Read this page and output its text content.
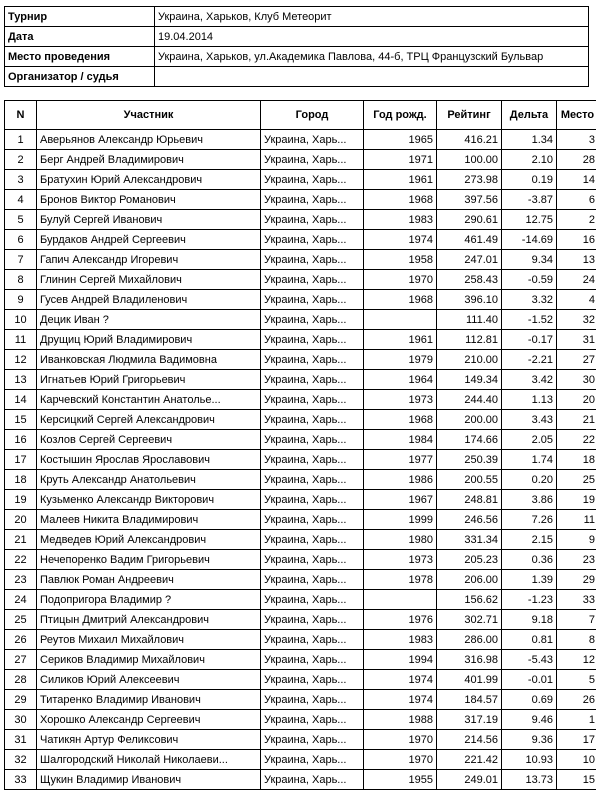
Турнир	Украина, Харьков, Клуб Метеорит
Дата	19.04.2014
Место проведения	Украина, Харьков, ул.Академика Павлова, 44-б, ТРЦ Французский Бульвар
Организатор / судья	
N	Участник	Город	Год рожд.	Рейтинг	Дельта	Место
1	Аверьянов Александр Юрьевич	Украина, Харь...	1965	416.21	1.34	3
2	Берг Андрей Владимирович	Украина, Харь...	1971	100.00	2.10	28
3	Братухин Юрий Александрович	Украина, Харь...	1961	273.98	0.19	14
4	Бронов Виктор Романович	Украина, Харь...	1968	397.56	-3.87	6
5	Булуй Сергей Иванович	Украина, Харь...	1983	290.61	12.75	2
6	Бурдаков Андрей Сергеевич	Украина, Харь...	1974	461.49	-14.69	16
7	Гапич Александр Игоревич	Украина, Харь...	1958	247.01	9.34	13
8	Глинин Сергей Михайлович	Украина, Харь...	1970	258.43	-0.59	24
9	Гусев Андрей Владиленович	Украина, Харь...	1968	396.10	3.32	4
10	Децик Иван ?	Украина, Харь...		111.40	-1.52	32
11	Друщиц Юрий Владимирович	Украина, Харь...	1961	112.81	-0.17	31
12	Иванковская Людмила Вадимовна	Украина, Харь...	1979	210.00	-2.21	27
13	Игнатьев Юрий Григорьевич	Украина, Харь...	1964	149.34	3.42	30
14	Карчевский Константин Анатолье...	Украина, Харь...	1973	244.40	1.13	20
15	Керсицкий Сергей Александрович	Украина, Харь...	1968	200.00	3.43	21
16	Козлов Сергей Сергеевич	Украина, Харь...	1984	174.66	2.05	22
17	Костышин Ярослав Ярославович	Украина, Харь...	1977	250.39	1.74	18
18	Круть Александр Анатольевич	Украина, Харь...	1986	200.55	0.20	25
19	Кузьменко Александр Викторович	Украина, Харь...	1967	248.81	3.86	19
20	Малеев Никита Владимирович	Украина, Харь...	1999	246.56	7.26	11
21	Медведев Юрий Александрович	Украина, Харь...	1980	331.34	2.15	9
22	Нечепоренко Вадим Григорьевич	Украина, Харь...	1973	205.23	0.36	23
23	Павлюк Роман Андреевич	Украина, Харь...	1978	206.00	1.39	29
24	Подопригора Владимир ?	Украина, Харь...		156.62	-1.23	33
25	Птицын Дмитрий Александрович	Украина, Харь...	1976	302.71	9.18	7
26	Реутов Михаил Михайлович	Украина, Харь...	1983	286.00	0.81	8
27	Сериков Владимир Михайлович	Украина, Харь...	1994	316.98	-5.43	12
28	Силиков Юрий Алексеевич	Украина, Харь...	1974	401.99	-0.01	5
29	Титаренко Владимир Иванович	Украина, Харь...	1974	184.57	0.69	26
30	Хорошко Александр Сергеевич	Украина, Харь...	1988	317.19	9.46	1
31	Чатикян Артур Феликсович	Украина, Харь...	1970	214.56	9.36	17
32	Шалгородский Николай Николаеви...	Украина, Харь...	1970	221.42	10.93	10
33	Щукин Владимир Иванович	Украина, Харь...	1955	249.01	13.73	15
